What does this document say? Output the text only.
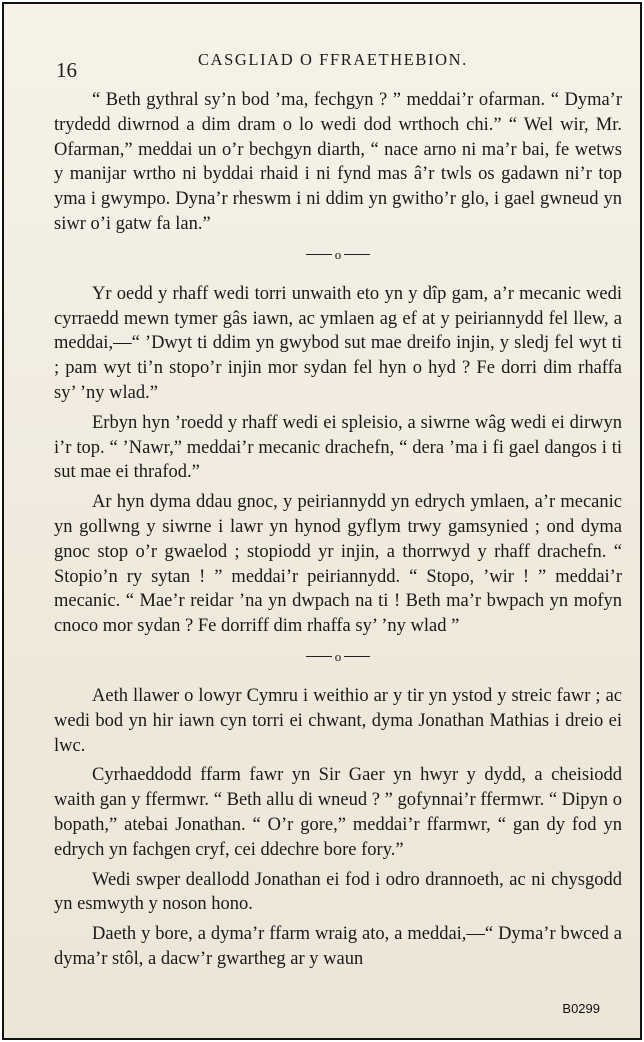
16	CASGLIAD O FFRAETHEBION.

“ Beth gythral sy’n bod ’ma, fechgyn ? ” meddai’r ofarman. “ Dyma’r trydedd diwrnod a dim dram o lo wedi dod wrthoch chi.” “ Wel wir, Mr. Ofarman,” meddai un o’r bechgyn diarth, “ nace arno ni ma’r bai, fe wetws y manijar wrtho ni byddai rhaid i ni fynd mas â’r twls os gadawn ni’r top yma i gwympo. Dyna’r rheswm i ni ddim yn gwitho’r glo, i gael gwneud yn siwr o’i gatw fa lan.”

o

Yr oedd y rhaff wedi torri unwaith eto yn y dîp gam, a’r mecanic wedi cyrraedd mewn tymer gâs iawn, ac ymlaen ag ef at y peiriannydd fel llew, a meddai,—“ ’Dwyt ti ddim yn gwybod sut mae dreifo injin, y sledj fel wyt ti ; pam wyt ti’n stopo’r injin mor sydan fel hyn o hyd ? Fe dorri dim rhaffa sy’ ’ny wlad.”

Erbyn hyn ’roedd y rhaff wedi ei spleisio, a siwrne wâg wedi ei dirwyn i’r top. “ ’Nawr,” meddai’r mecanic drachefn, “ dera ’ma i fi gael dangos i ti sut mae ei thrafod.”

Ar hyn dyma ddau gnoc, y peiriannydd yn edrych ymlaen, a’r mecanic yn gollwng y siwrne i lawr yn hynod gyflym trwy gamsynied ; ond dyma gnoc stop o’r gwaelod ; stopiodd yr injin, a thorrwyd y rhaff drachefn. “ Stopio’n ry sytan ! ” meddai’r peiriannydd. “ Stopo, ’wir ! ” meddai’r mecanic. “ Mae’r reidar ’na yn dwpach na ti ! Beth ma’r bwpach yn mofyn cnoco mor sydan ? Fe dorriff dim rhaffa sy’ ’ny wlad ”

o

Aeth llawer o lowyr Cymru i weithio ar y tir yn ystod y streic fawr ; ac wedi bod yn hir iawn cyn torri ei chwant, dyma Jonathan Mathias i dreio ei lwc.

Cyrhaeddodd ffarm fawr yn Sir Gaer yn hwyr y dydd, a cheisiodd waith gan y ffermwr. “ Beth allu di wneud ? ” gofynnai’r ffermwr. “ Dipyn o bopath,” atebai Jonathan. “ O’r gore,” meddai’r ffarmwr, “ gan dy fod yn edrych yn fachgen cryf, cei ddechre bore fory.”

Wedi swper deallodd Jonathan ei fod i odro drannoeth, ac ni chysgodd yn esmwyth y noson hono.

Daeth y bore, a dyma’r ffarm wraig ato, a meddai,—“ Dyma’r bwced a dyma’r stôl, a dacw’r gwartheg ar y waun

B0299
